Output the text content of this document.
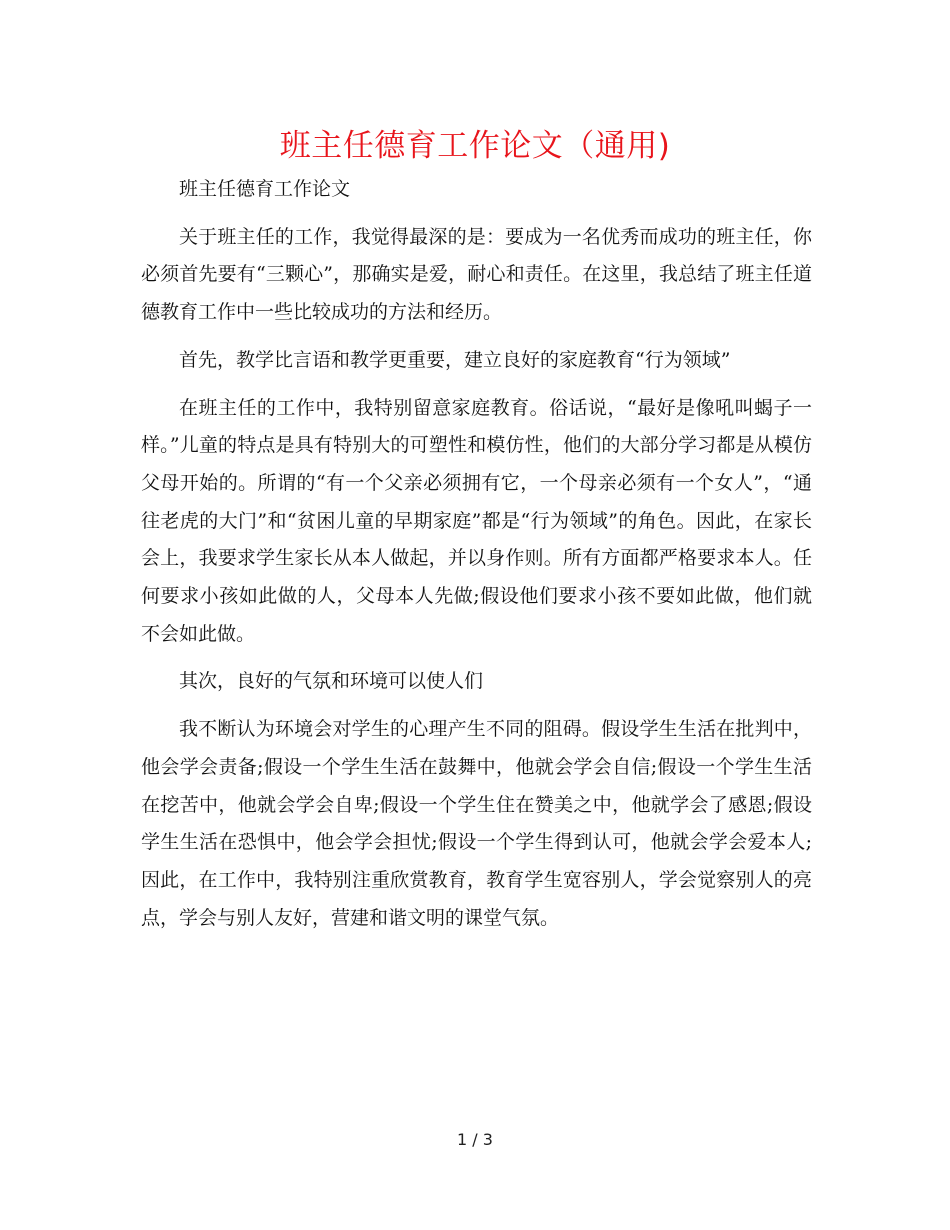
班主任德育工作论文（通用)

班主任德育工作论文

关于班主任的工作，我觉得最深的是：要成为一名优秀而成功的班主任，你必须首先要有“三颗心”，那确实是爱，耐心和责任。在这里，我总结了班主任道德教育工作中一些比较成功的方法和经历。

首先，教学比言语和教学更重要，建立良好的家庭教育“行为领域”

在班主任的工作中，我特别留意家庭教育。俗话说，“最好是像吼叫蝎子一样。”儿童的特点是具有特别大的可塑性和模仿性，他们的大部分学习都是从模仿父母开始的。所谓的“有一个父亲必须拥有它，一个母亲必须有一个女人”，“通往老虎的大门”和“贫困儿童的早期家庭”都是“行为领域”的角色。因此，在家长会上，我要求学生家长从本人做起，并以身作则。所有方面都严格要求本人。任何要求小孩如此做的人，父母本人先做;假设他们要求小孩不要如此做，他们就不会如此做。

其次，良好的气氛和环境可以使人们

我不断认为环境会对学生的心理产生不同的阻碍。假设学生生活在批判中，他会学会责备;假设一个学生生活在鼓舞中，他就会学会自信;假设一个学生生活在挖苦中，他就会学会自卑;假设一个学生住在赞美之中，他就学会了感恩;假设学生生活在恐惧中，他会学会担忧;假设一个学生得到认可，他就会学会爱本人;因此，在工作中，我特别注重欣赏教育，教育学生宽容别人，学会觉察别人的亮点，学会与别人友好，营建和谐文明的课堂气氛。

1 / 3
